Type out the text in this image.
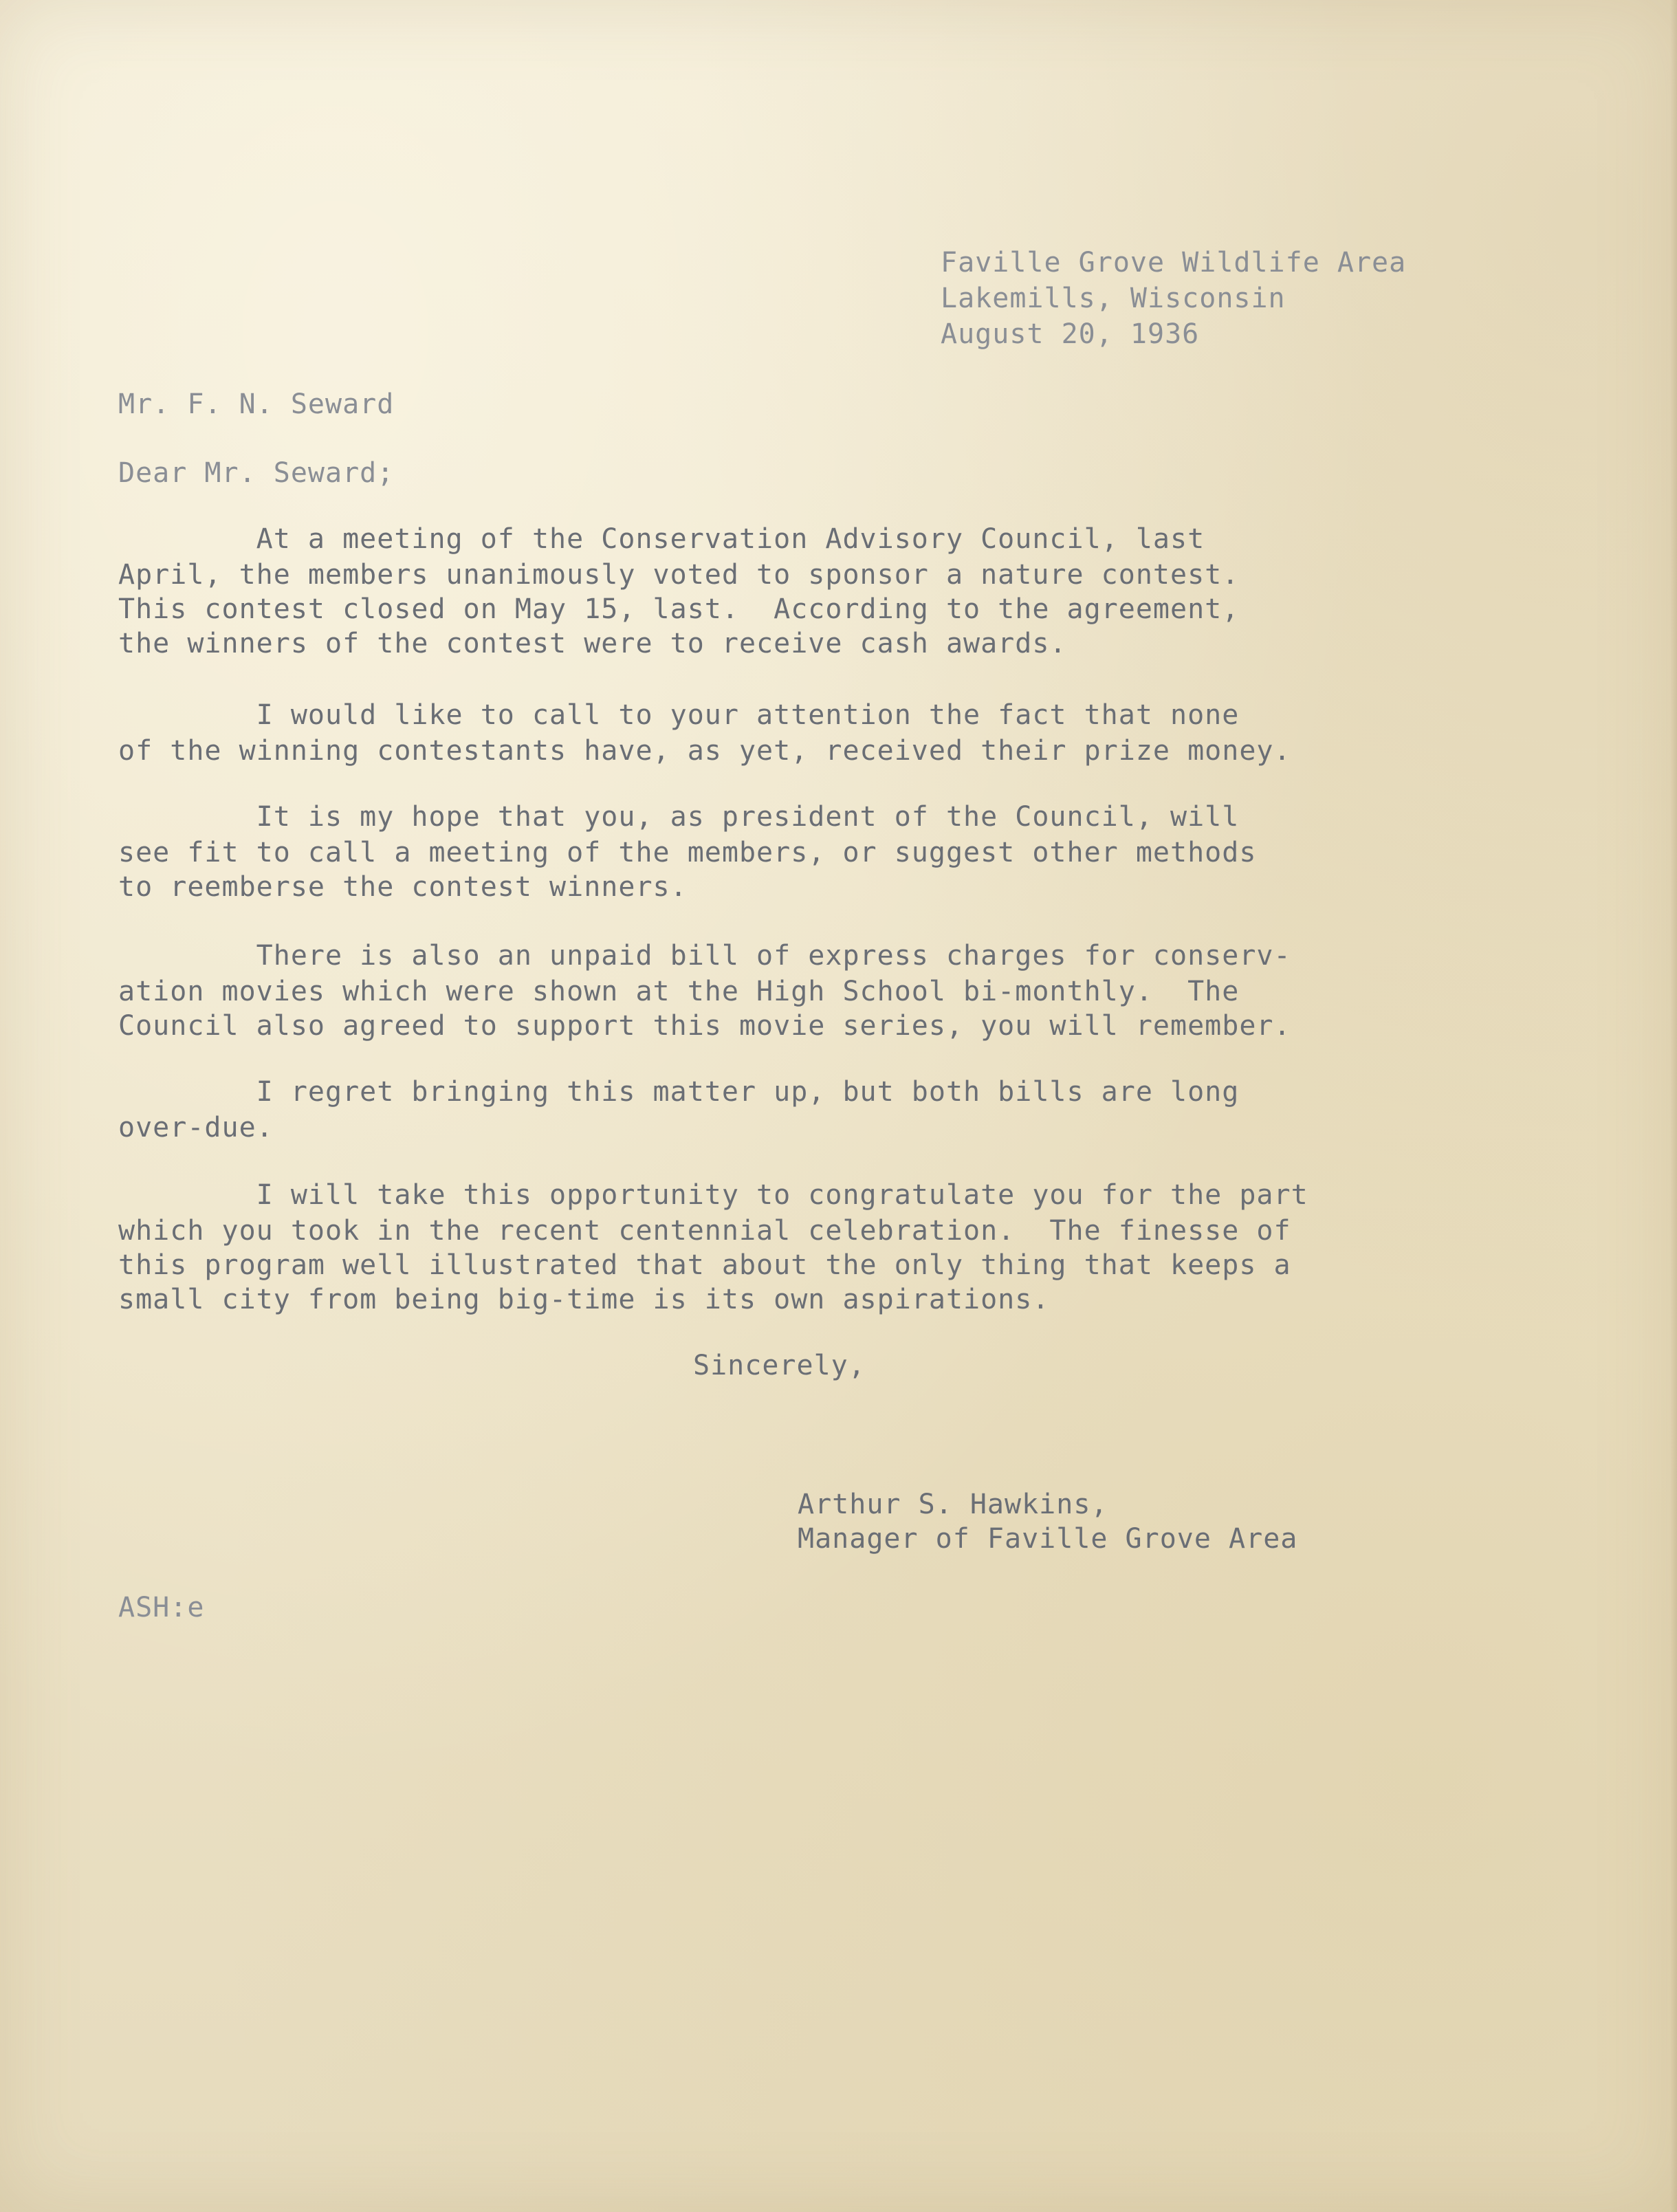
Faville Grove Wildlife Area
Lakemills, Wisconsin
August 20, 1936
Mr. F. N. Seward
Dear Mr. Seward;

At a meeting of the Conservation Advisory Council, last

April, the members unanimously voted to sponsor a nature contest.

This contest closed on May 15, last.  According to the agreement,

the winners of the contest were to receive cash awards.

I would like to call to your attention the fact that none

of the winning contestants have, as yet, received their prize money.

It is my hope that you, as president of the Council, will

see fit to call a meeting of the members, or suggest other methods

to reemberse the contest winners.

There is also an unpaid bill of express charges for conserv-

ation movies which were shown at the High School bi-monthly.  The

Council also agreed to support this movie series, you will remember.

I regret bringing this matter up, but both bills are long

over-due.

I will take this opportunity to congratulate you for the part

which you took in the recent centennial celebration.  The finesse of

this program well illustrated that about the only thing that keeps a

small city from being big-time is its own aspirations.

Sincerely,
Arthur S. Hawkins,
Manager of Faville Grove Area
ASH:e
